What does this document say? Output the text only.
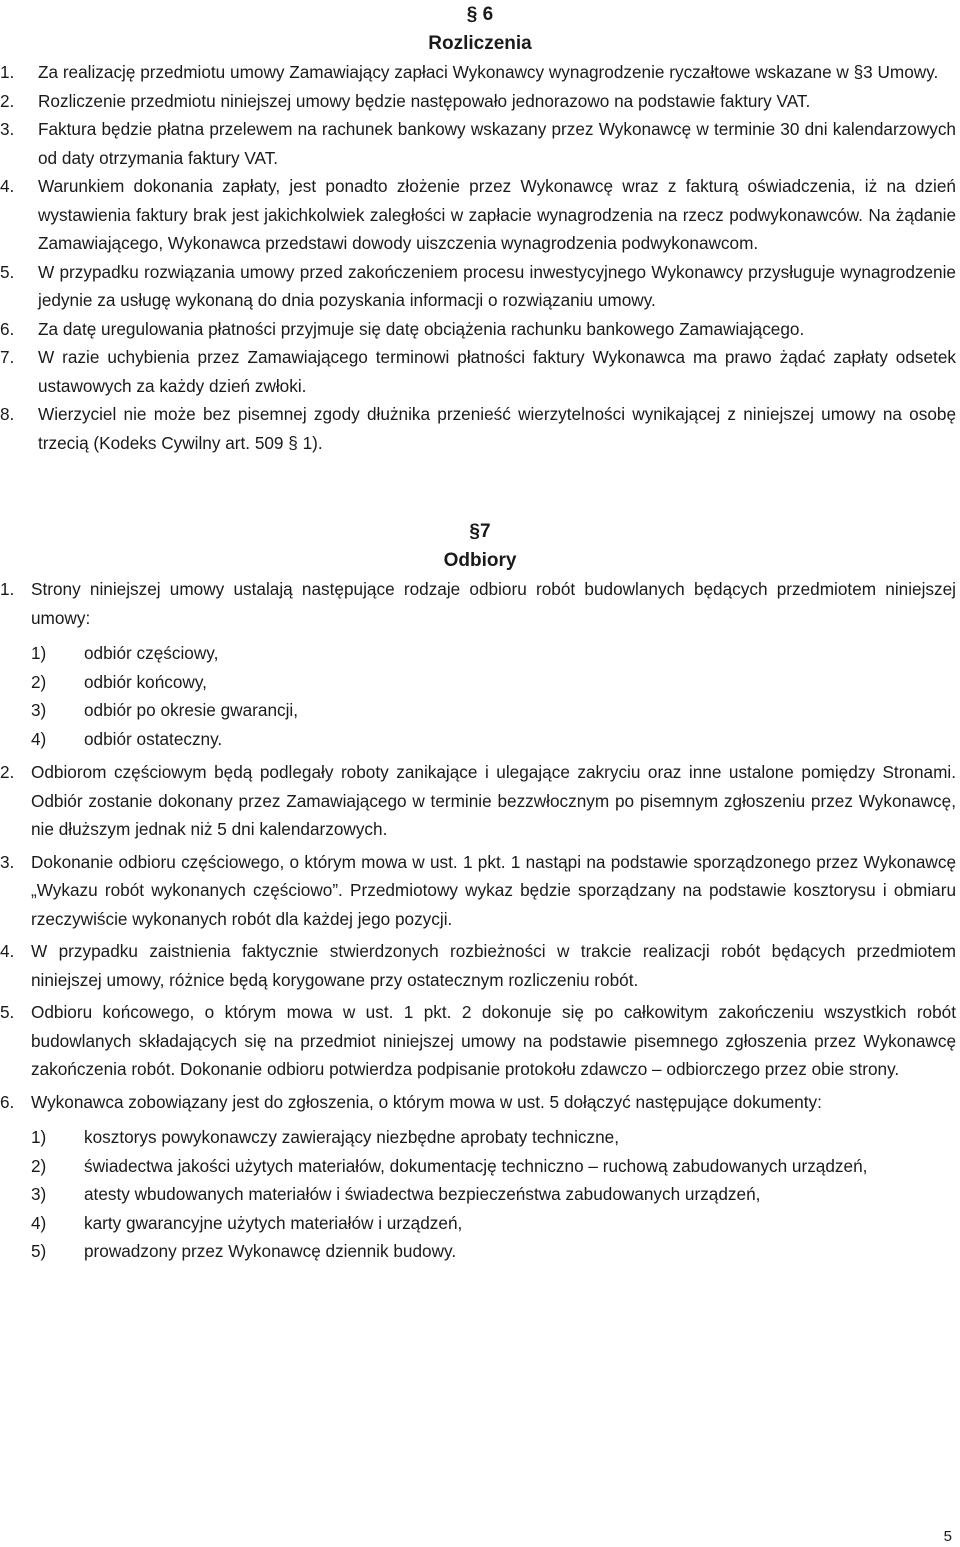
§ 6
Rozliczenia
1. Za realizację przedmiotu umowy Zamawiający zapłaci Wykonawcy wynagrodzenie ryczałtowe wskazane w §3 Umowy.
2. Rozliczenie przedmiotu niniejszej umowy będzie następowało jednorazowo na podstawie faktury VAT.
3. Faktura będzie płatna przelewem na rachunek bankowy wskazany przez Wykonawcę w terminie 30 dni kalendarzowych od daty otrzymania faktury VAT.
4. Warunkiem dokonania zapłaty, jest ponadto złożenie przez Wykonawcę wraz z fakturą oświadczenia, iż na dzień wystawienia faktury brak jest jakichkolwiek zaległości w zapłacie wynagrodzenia na rzecz podwykonawców. Na żądanie Zamawiającego, Wykonawca przedstawi dowody uiszczenia wynagrodzenia podwykonawcom.
5. W przypadku rozwiązania umowy przed zakończeniem procesu inwestycyjnego Wykonawcy przysługuje wynagrodzenie jedynie za usługę wykonaną do dnia pozyskania informacji o rozwiązaniu umowy.
6. Za datę uregulowania płatności przyjmuje się datę obciążenia rachunku bankowego Zamawiającego.
7. W razie uchybienia przez Zamawiającego terminowi płatności faktury Wykonawca ma prawo żądać zapłaty odsetek ustawowych za każdy dzień zwłoki.
8. Wierzyciel nie może bez pisemnej zgody dłużnika przenieść wierzytelności wynikającej z niniejszej umowy na osobę trzecią (Kodeks Cywilny art. 509 § 1).
§7
Odbiory
1. Strony niniejszej umowy ustalają następujące rodzaje odbioru robót budowlanych będących przedmiotem niniejszej umowy:
1) odbiór częściowy,
2) odbiór końcowy,
3) odbiór po okresie gwarancji,
4) odbiór ostateczny.
2. Odbiorom częściowym będą podlegały roboty zanikające i ulegające zakryciu oraz inne ustalone pomiędzy Stronami. Odbiór zostanie dokonany przez Zamawiającego w terminie bezzwłocznym po pisemnym zgłoszeniu przez Wykonawcę, nie dłuższym jednak niż 5 dni kalendarzowych.
3. Dokonanie odbioru częściowego, o którym mowa w ust. 1 pkt. 1 nastąpi na podstawie sporządzonego przez Wykonawcę „Wykazu robót wykonanych częściowo”. Przedmiotowy wykaz będzie sporządzany na podstawie kosztorysu i obmiaru rzeczywiście wykonanych robót dla każdej jego pozycji.
4. W przypadku zaistnienia faktycznie stwierdzonych rozbieżności w trakcie realizacji robót będących przedmiotem niniejszej umowy, różnice będą korygowane przy ostatecznym rozliczeniu robót.
5. Odbioru końcowego, o którym mowa w ust. 1 pkt. 2 dokonuje się po całkowitym zakończeniu wszystkich robót budowlanych składających się na przedmiot niniejszej umowy na podstawie pisemnego zgłoszenia przez Wykonawcę zakończenia robót. Dokonanie odbioru potwierdza podpisanie protokołu zdawczo – odbiorczego przez obie strony.
6. Wykonawca zobowiązany jest do zgłoszenia, o którym mowa w ust. 5 dołączyć następujące dokumenty:
1) kosztorys powykonawczy zawierający niezbędne aprobaty techniczne,
2) świadectwa jakości użytych materiałów, dokumentację techniczno – ruchową zabudowanych urządzeń,
3) atesty wbudowanych materiałów i świadectwa bezpieczeństwa zabudowanych urządzeń,
4) karty gwarancyjne użytych materiałów i urządzeń,
5) prowadzony przez Wykonawcę dziennik budowy.
5
